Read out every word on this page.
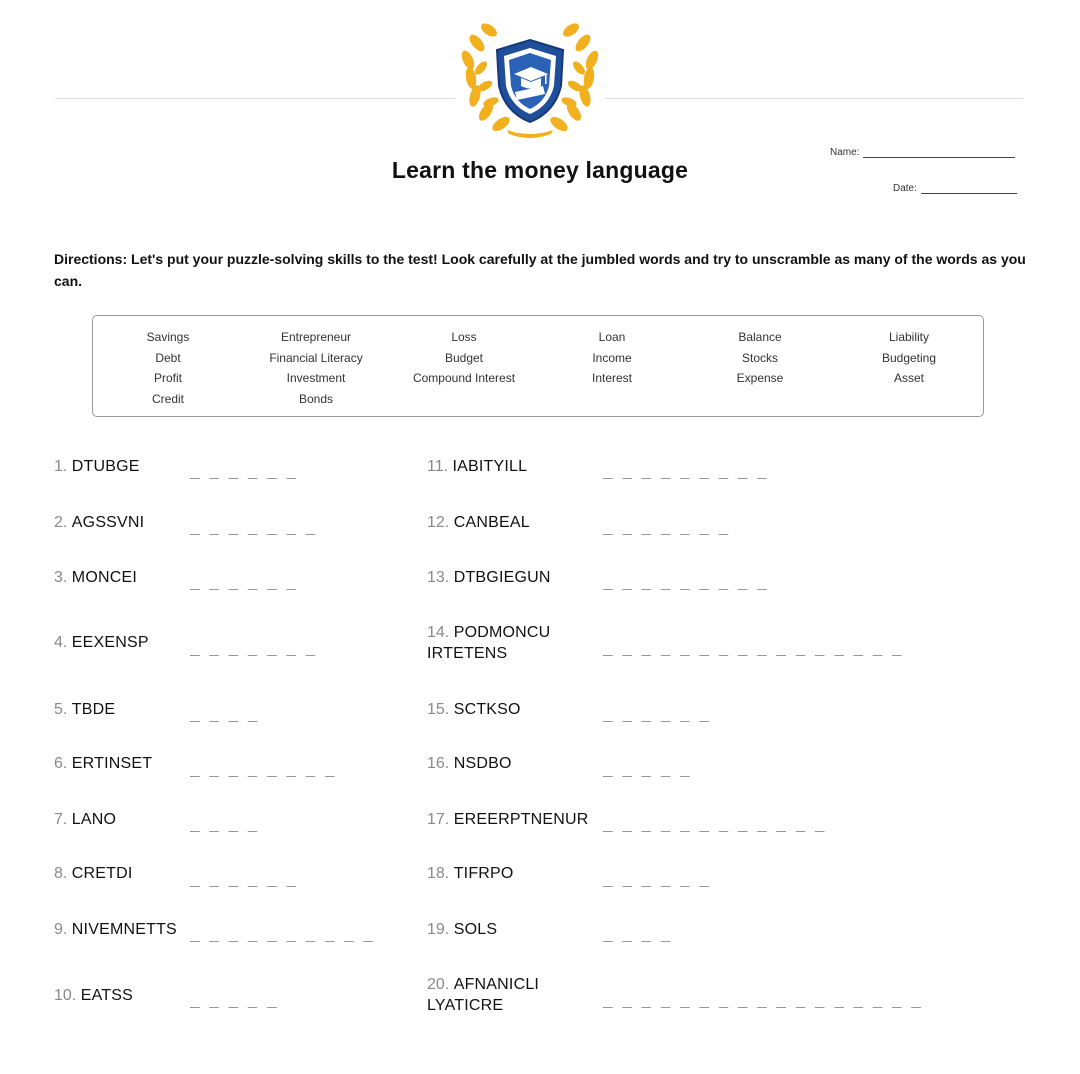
Learn the money language
Name:
Date:
Directions: Let's put your puzzle-solving skills to the test! Look carefully at the jumbled words and try to unscramble as many of the words as you can.
Savings
Debt
Profit
Credit
Entrepreneur
Financial Literacy
Investment
Bonds
Loss
Budget
Compound Interest
Loan
Income
Interest
Balance
Stocks
Expense
Liability
Budgeting
Asset
1. DTUBGE	_ _ _ _ _ _
2. AGSSVNI	_ _ _ _ _ _ _
3. MONCEI	_ _ _ _ _ _
4. EEXENSP	_ _ _ _ _ _ _
5. TBDE	_ _ _ _
6. ERTINSET _ _ _ _ _ _ _ _
7. LANO	_ _ _ _
8. CRETDI	_ _ _ _ _ _
9. NIVEMNETTS _ _ _ _ _ _ _ _ _ _
10. EATSS	_ _ _ _ _
11. IABITYILL	_ _ _ _ _ _ _ _ _
12. CANBEAL	_ _ _ _ _ _ _
13. DTBGIEGUN	_ _ _ _ _ _ _ _ _
14. PODMONCU
IRTETENS	_ _ _ _ _ _ _ _ _ _ _ _ _ _ _ _
15. SCTKSO	_ _ _ _ _ _
16. NSDBO	_ _ _ _ _
17. EREERPTNENUR _ _ _ _ _ _ _ _ _ _ _ _
18. TIFRPO	_ _ _ _ _ _
19. SOLS	_ _ _ _
20. AFNANICLI
LYATICRE	_ _ _ _ _ _ _ _ _ _ _ _ _ _ _ _ _
